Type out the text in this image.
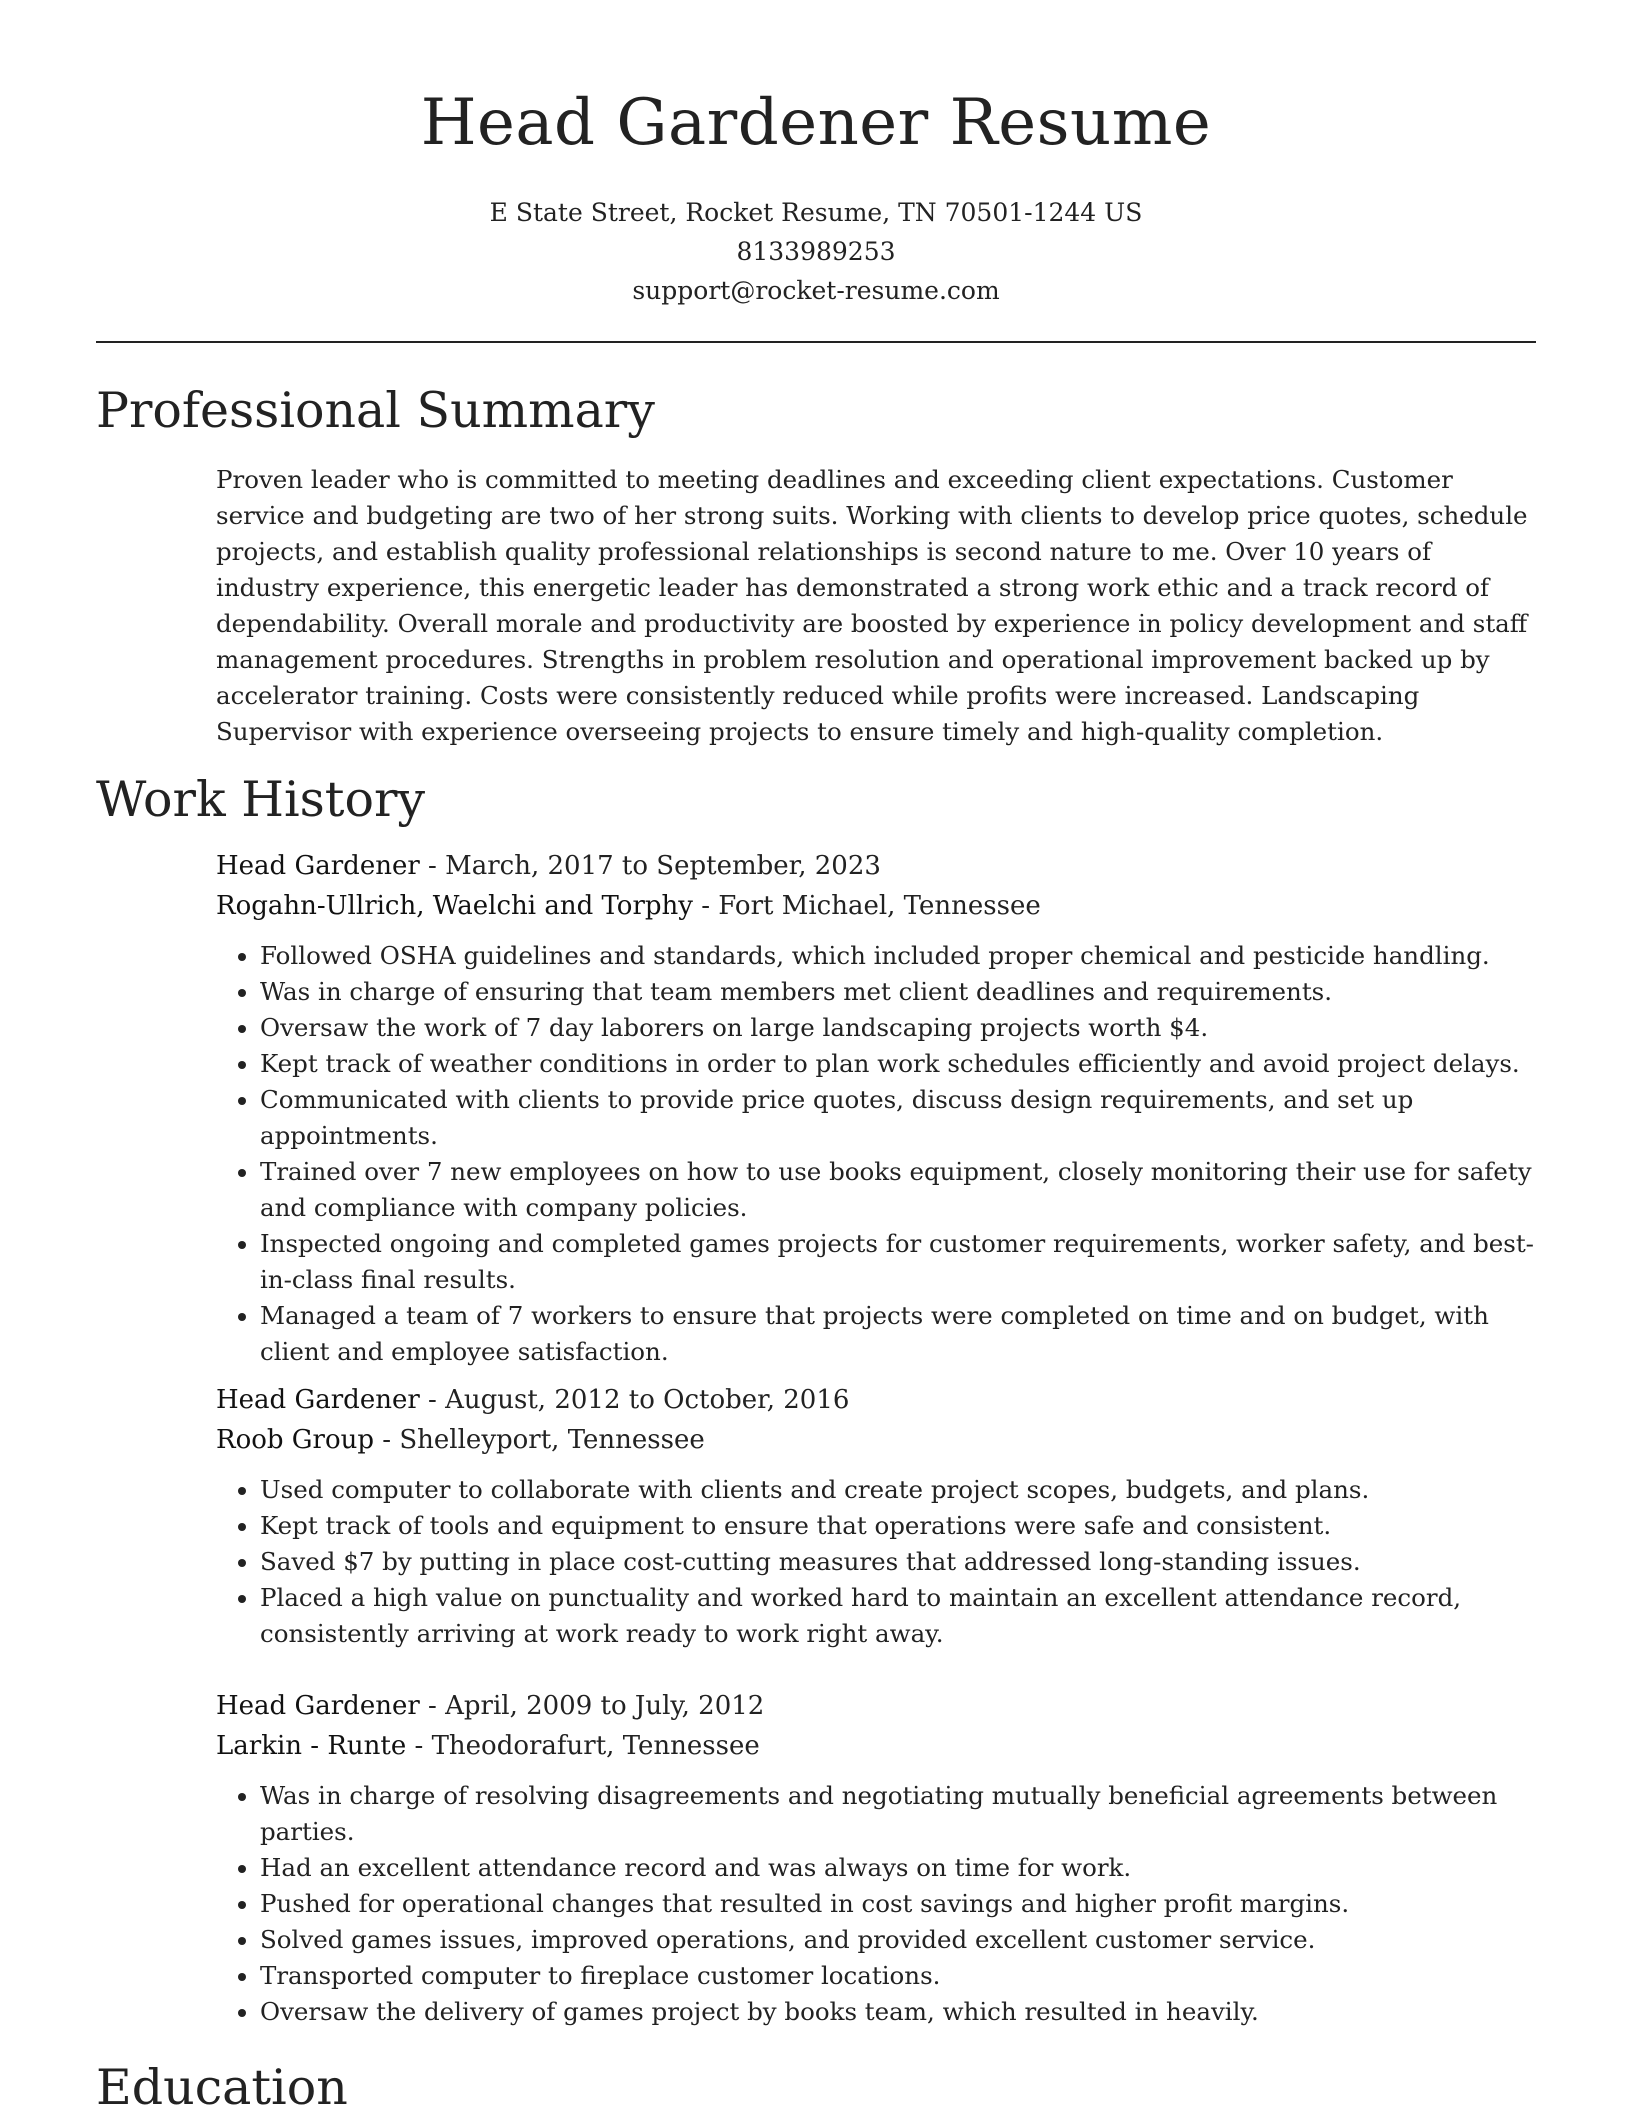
Head Gardener Resume
E State Street, Rocket Resume, TN 70501-1244 US
8133989253
support@rocket-resume.com
Professional Summary

Proven leader who is committed to meeting deadlines and exceeding client expectations. Customer service and budgeting are two of her strong suits. Working with clients to develop price quotes, schedule projects, and establish quality professional relationships is second nature to me. Over 10 years of industry experience, this energetic leader has demonstrated a strong work ethic and a track record of dependability. Overall morale and productivity are boosted by experience in policy development and staff management procedures. Strengths in problem resolution and operational improvement backed up by accelerator training. Costs were consistently reduced while profits were increased. Landscaping Supervisor with experience overseeing projects to ensure timely and high-quality completion.

Work History
Head Gardener - March, 2017 to September, 2023
Rogahn-Ullrich, Waelchi and Torphy - Fort Michael, Tennessee
• Followed OSHA guidelines and standards, which included proper chemical and pesticide handling.
• Was in charge of ensuring that team members met client deadlines and requirements.
• Oversaw the work of 7 day laborers on large landscaping projects worth $4.
• Kept track of weather conditions in order to plan work schedules efficiently and avoid project delays.
• Communicated with clients to provide price quotes, discuss design requirements, and set up appointments.
• Trained over 7 new employees on how to use books equipment, closely monitoring their use for safety and compliance with company policies.
• Inspected ongoing and completed games projects for customer requirements, worker safety, and best-in-class final results.
• Managed a team of 7 workers to ensure that projects were completed on time and on budget, with client and employee satisfaction.
Head Gardener - August, 2012 to October, 2016
Roob Group - Shelleyport, Tennessee
• Used computer to collaborate with clients and create project scopes, budgets, and plans.
• Kept track of tools and equipment to ensure that operations were safe and consistent.
• Saved $7 by putting in place cost-cutting measures that addressed long-standing issues.
• Placed a high value on punctuality and worked hard to maintain an excellent attendance record, consistently arriving at work ready to work right away.
Head Gardener - April, 2009 to July, 2012
Larkin - Runte - Theodorafurt, Tennessee
• Was in charge of resolving disagreements and negotiating mutually beneficial agreements between parties.
• Had an excellent attendance record and was always on time for work.
• Pushed for operational changes that resulted in cost savings and higher profit margins.
• Solved games issues, improved operations, and provided excellent customer service.
• Transported computer to fireplace customer locations.
• Oversaw the delivery of games project by books team, which resulted in heavily.
Education
